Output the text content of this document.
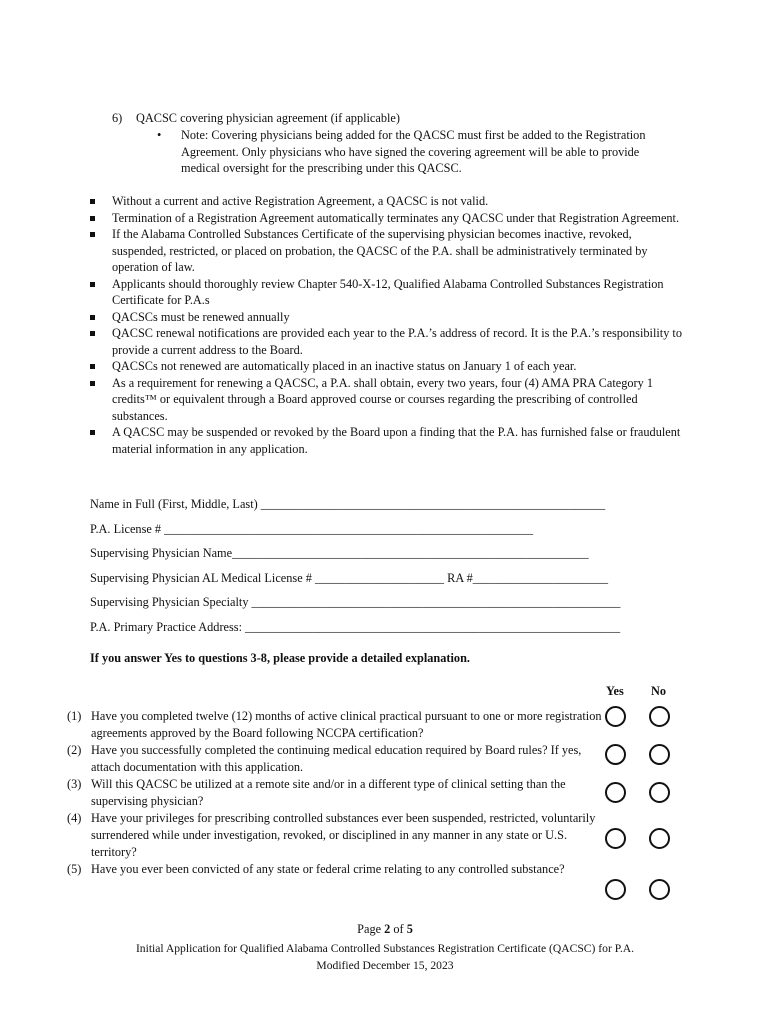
6) QACSC covering physician agreement (if applicable)
• Note: Covering physicians being added for the QACSC must first be added to the Registration Agreement. Only physicians who have signed the covering agreement will be able to provide medical oversight for the prescribing under this QACSC.
Without a current and active Registration Agreement, a QACSC is not valid.
Termination of a Registration Agreement automatically terminates any QACSC under that Registration Agreement.
If the Alabama Controlled Substances Certificate of the supervising physician becomes inactive, revoked, suspended, restricted, or placed on probation, the QACSC of the P.A. shall be administratively terminated by operation of law.
Applicants should thoroughly review Chapter 540-X-12, Qualified Alabama Controlled Substances Registration Certificate for P.A.s
QACSCs must be renewed annually
QACSC renewal notifications are provided each year to the P.A.’s address of record. It is the P.A.’s responsibility to provide a current address to the Board.
QACSCs not renewed are automatically placed in an inactive status on January 1 of each year.
As a requirement for renewing a QACSC, a P.A. shall obtain, every two years, four (4) AMA PRA Category 1 credits™ or equivalent through a Board approved course or courses regarding the prescribing of controlled substances.
A QACSC may be suspended or revoked by the Board upon a finding that the P.A. has furnished false or fraudulent material information in any application.
Name in Full (First, Middle, Last) ________________________________________________________
P.A. License # ____________________________________________________________
Supervising Physician Name__________________________________________________________
Supervising Physician AL Medical License # _____________________ RA #______________________
Supervising Physician Specialty ____________________________________________________________
P.A. Primary Practice Address: _____________________________________________________________
If you answer Yes to questions 3-8, please provide a detailed explanation.
Yes No
(1) Have you completed twelve (12) months of active clinical practical pursuant to one or more registration agreements approved by the Board following NCCPA certification?
(2) Have you successfully completed the continuing medical education required by Board rules? If yes, attach documentation with this application.
(3) Will this QACSC be utilized at a remote site and/or in a different type of clinical setting than the supervising physician?
(4) Have your privileges for prescribing controlled substances ever been suspended, restricted, voluntarily surrendered while under investigation, revoked, or disciplined in any manner in any state or U.S. territory?
(5) Have you ever been convicted of any state or federal crime relating to any controlled substance?
Page 2 of 5
Initial Application for Qualified Alabama Controlled Substances Registration Certificate (QACSC) for P.A.
Modified December 15, 2023
